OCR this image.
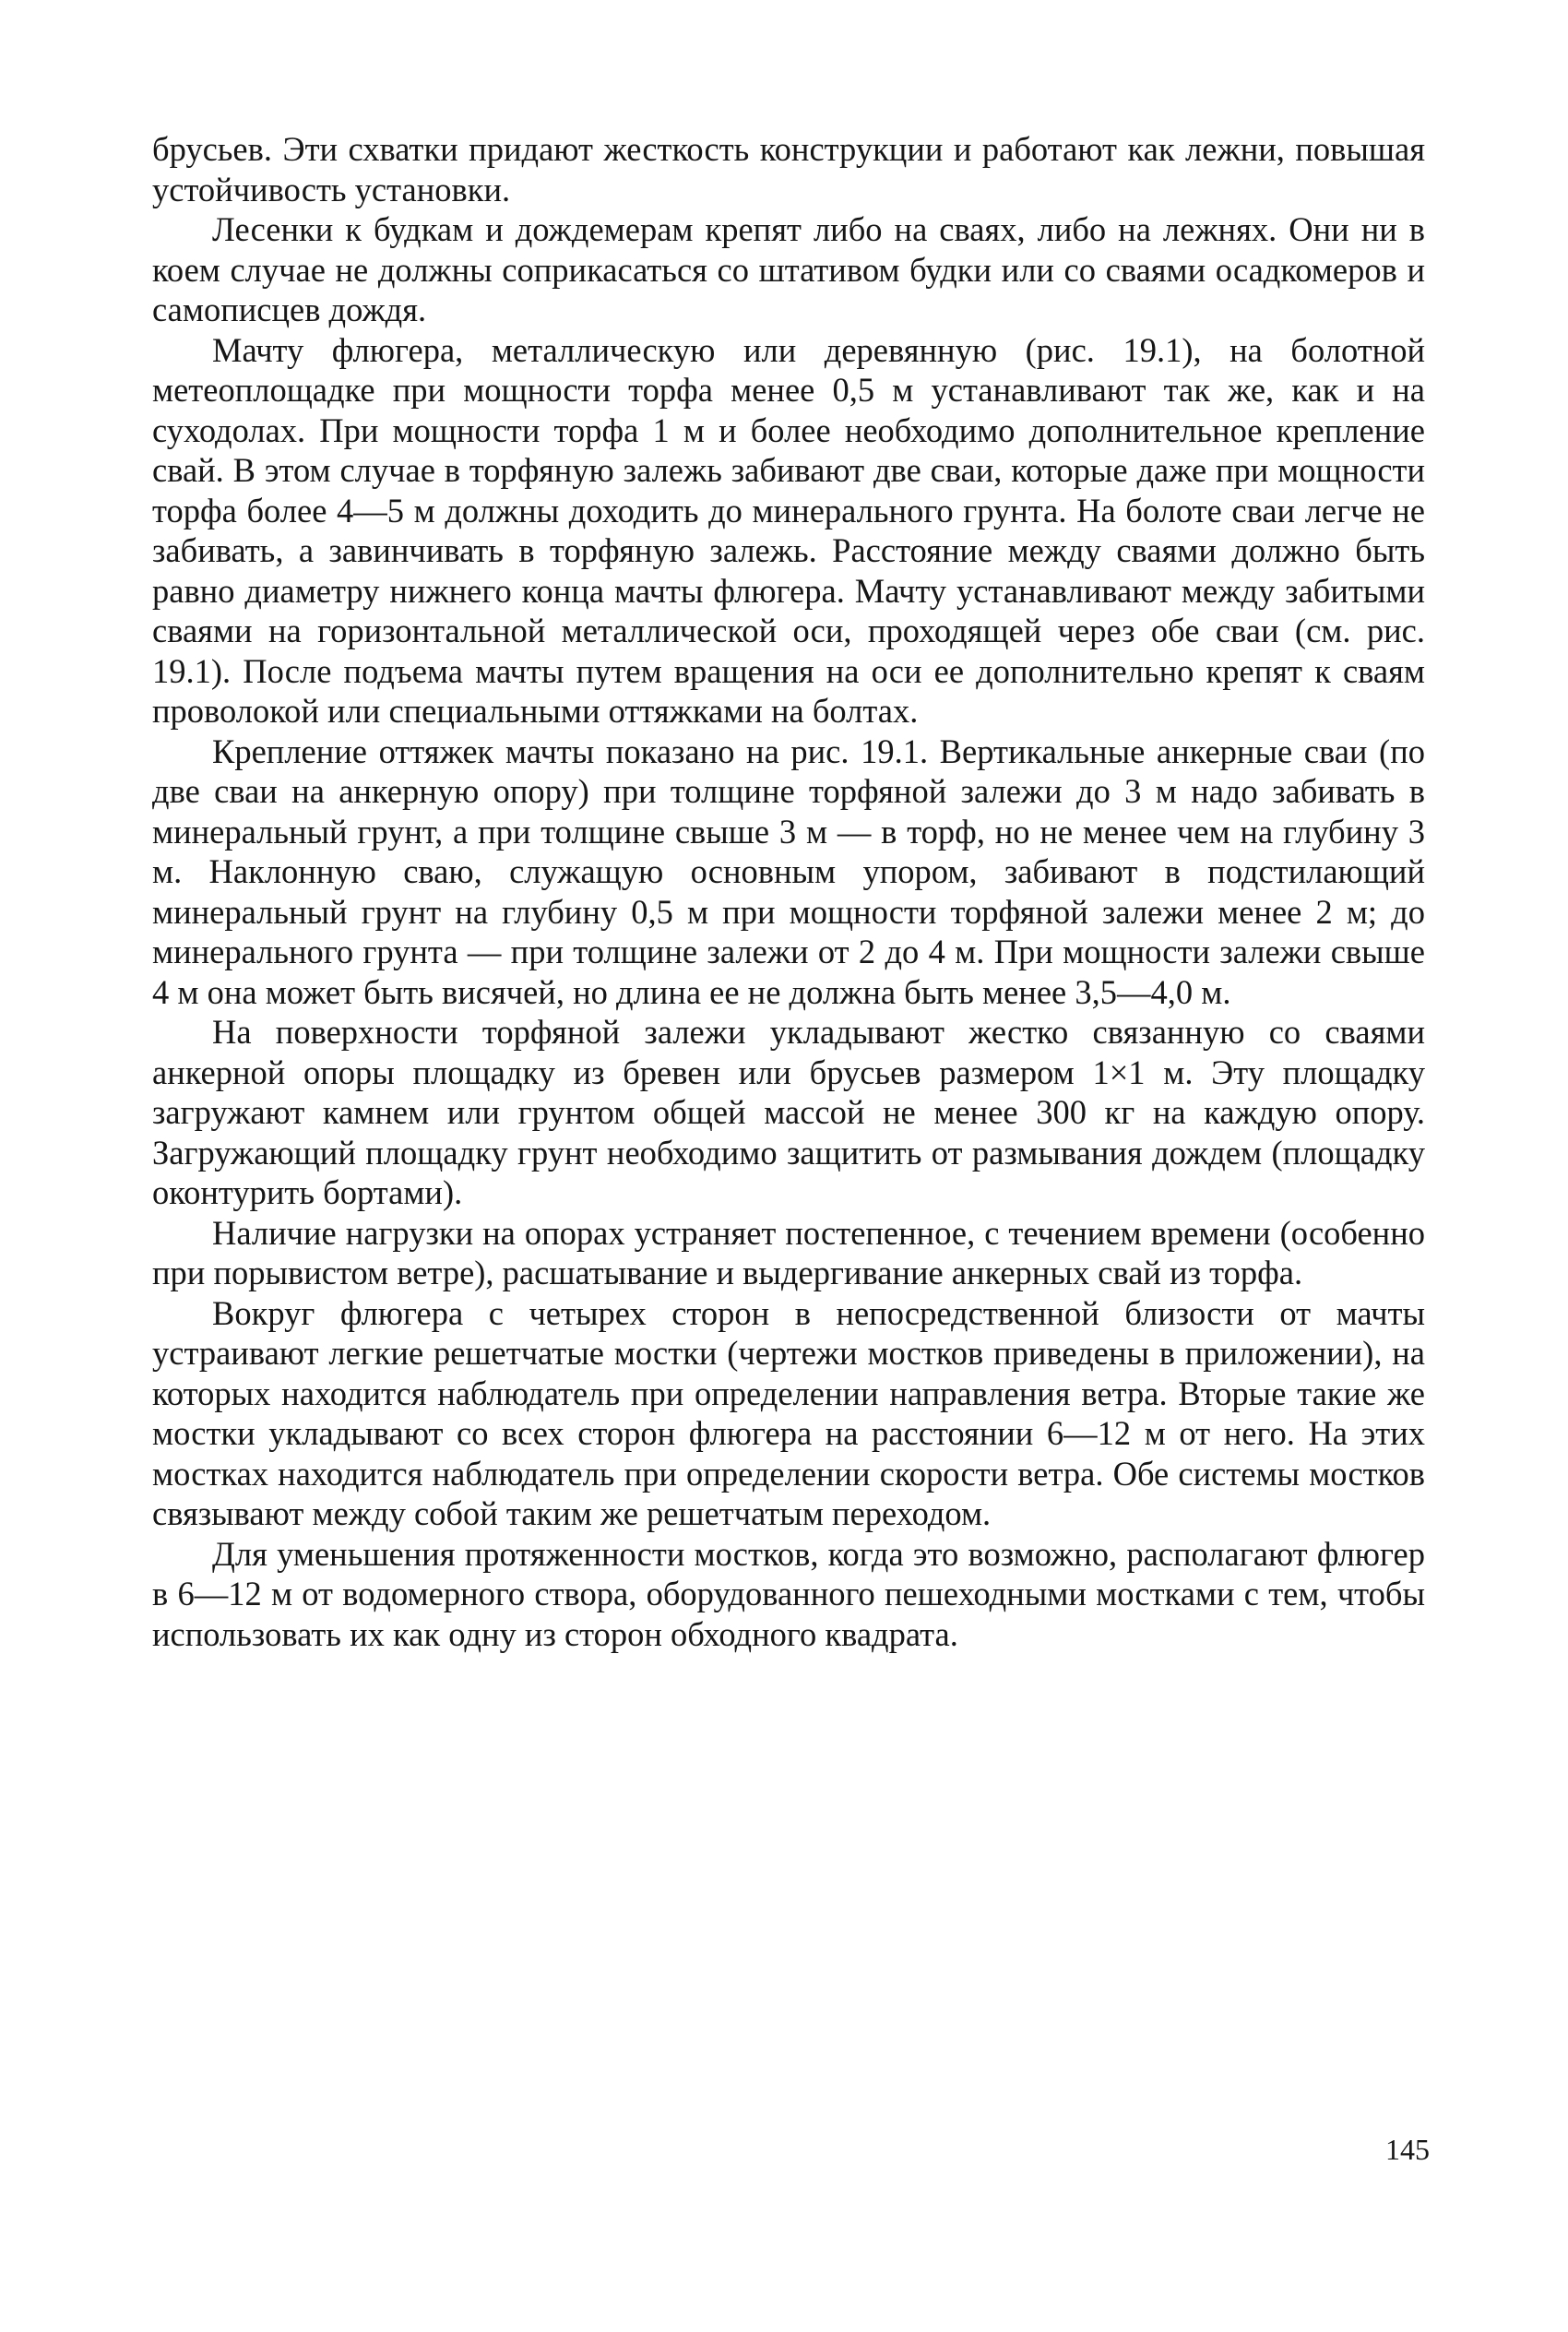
брусьев. Эти схватки придают жесткость конструкции и работают как лежни, повышая устойчивость установки.

Лесенки к будкам и дождемерам крепят либо на сваях, либо на лежнях. Они ни в коем случае не должны соприкасаться со штативом будки или со сваями осадкомеров и самописцев дождя.

Мачту флюгера, металлическую или деревянную (рис. 19.1), на болотной метеоплощадке при мощности торфа менее 0,5 м устанавливают так же, как и на суходолах. При мощности торфа 1 м и более необходимо дополнительное крепление свай. В этом случае в торфяную залежь забивают две сваи, которые даже при мощности торфа более 4—5 м должны доходить до минерального грунта. На болоте сваи легче не забивать, а завинчивать в торфяную залежь. Расстояние между сваями должно быть равно диаметру нижнего конца мачты флюгера. Мачту устанавливают между забитыми сваями на горизонтальной металлической оси, проходящей через обе сваи (см. рис. 19.1). После подъема мачты путем вращения на оси ее дополнительно крепят к сваям проволокой или специальными оттяжками на болтах.

Крепление оттяжек мачты показано на рис. 19.1. Вертикальные анкерные сваи (по две сваи на анкерную опору) при толщине торфяной залежи до 3 м надо забивать в минеральный грунт, а при толщине свыше 3 м — в торф, но не менее чем на глубину 3 м. Наклонную сваю, служащую основным упором, забивают в подстилающий минеральный грунт на глубину 0,5 м при мощности торфяной залежи менее 2 м; до минерального грунта — при толщине залежи от 2 до 4 м. При мощности залежи свыше 4 м она может быть висячей, но длина ее не должна быть менее 3,5—4,0 м.

На поверхности торфяной залежи укладывают жестко связанную со сваями анкерной опоры площадку из бревен или брусьев размером 1×1 м. Эту площадку загружают камнем или грунтом общей массой не менее 300 кг на каждую опору. Загружающий площадку грунт необходимо защитить от размывания дождем (площадку оконтурить бортами).

Наличие нагрузки на опорах устраняет постепенное, с течением времени (особенно при порывистом ветре), расшатывание и выдергивание анкерных свай из торфа.

Вокруг флюгера с четырех сторон в непосредственной близости от мачты устраивают легкие решетчатые мостки (чертежи мостков приведены в приложении), на которых находится наблюдатель при определении направления ветра. Вторые такие же мостки укладывают со всех сторон флюгера на расстоянии 6—12 м от него. На этих мостках находится наблюдатель при определении скорости ветра. Обе системы мостков связывают между собой таким же решетчатым переходом.

Для уменьшения протяженности мостков, когда это возможно, располагают флюгер в 6—12 м от водомерного створа, оборудованного пешеходными мостками с тем, чтобы использовать их как одну из сторон обходного квадрата.

145
